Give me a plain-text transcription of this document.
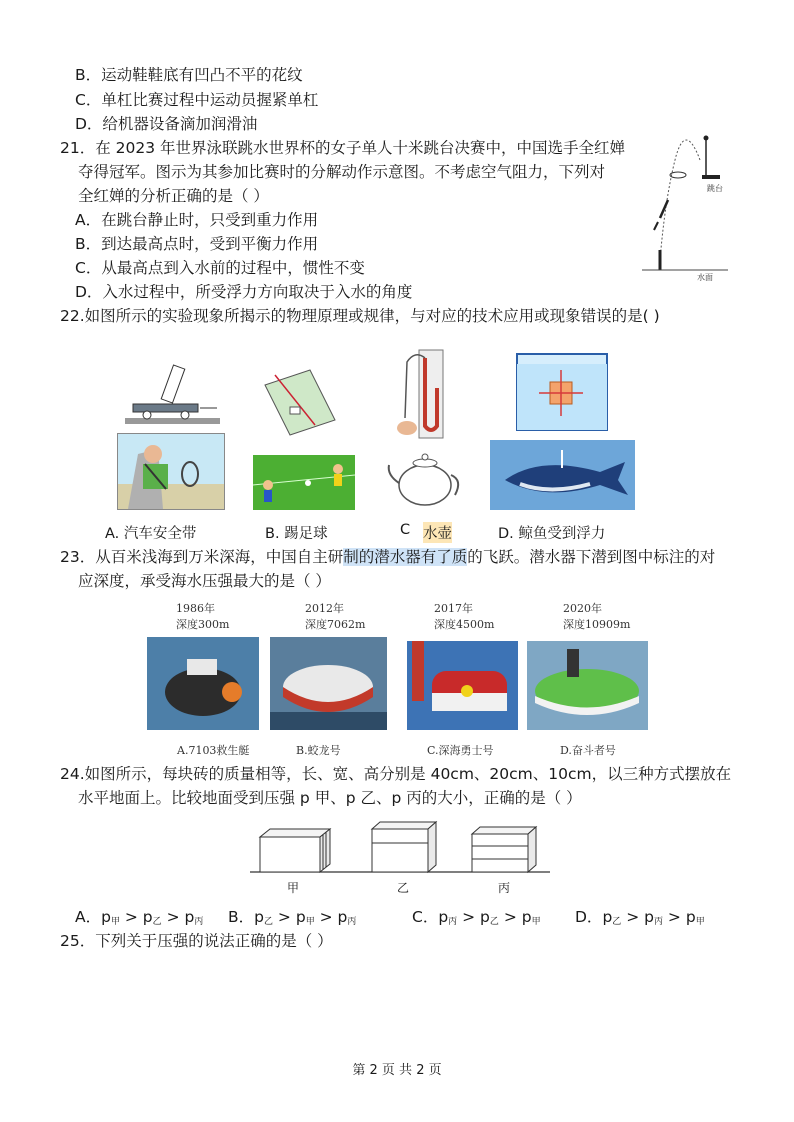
B．运动鞋鞋底有凹凸不平的花纹
C．单杠比赛过程中运动员握紧单杠
D．给机器设备滴加润滑油
21．在 2023 年世界泳联跳水世界杯的女子单人十米跳台决赛中，中国选手全红婵
夺得冠军。图示为其参加比赛时的分解动作示意图。不考虑空气阻力，下列对
全红婵的分析正确的是（ ）
A．在跳台静止时，只受到重力作用
B．到达最高点时，受到平衡力作用
C．从最高点到入水前的过程中，惯性不变
D．入水过程中，所受浮力方向取决于入水的角度
跳台
水面
22.如图所示的实验现象所揭示的物理原理或规律，与对应的技术应用或现象错误的是( )
A. 汽车安全带	B. 踢足球	C 水壶	D. 鲸鱼受到浮力
23．从百米浅海到万米深海，中国自主研制的潜水器有了质的飞跃。潜水器下潜到图中标注的对
应深度，承受海水压强最大的是（ ）
1986年
深度300m
2012年
深度7062m
2017年
深度4500m
2020年
深度10909m
A.7103救生艇	B.蛟龙号	C.深海勇士号	D.奋斗者号
24.如图所示，每块砖的质量相等，长、宽、高分别是 40cm、20cm、10cm，以三种方式摆放在
水平地面上。比较地面受到压强 p 甲、p 乙、p 丙的大小，正确的是（ ）
甲	乙	丙
A．p甲 > p乙 > p丙 B．p乙 > p甲 > p丙	C．p丙 > p乙 > p甲 D．p乙 > p丙 > p甲
25．下列关于压强的说法正确的是（ ）
第 2 页 共 2 页
